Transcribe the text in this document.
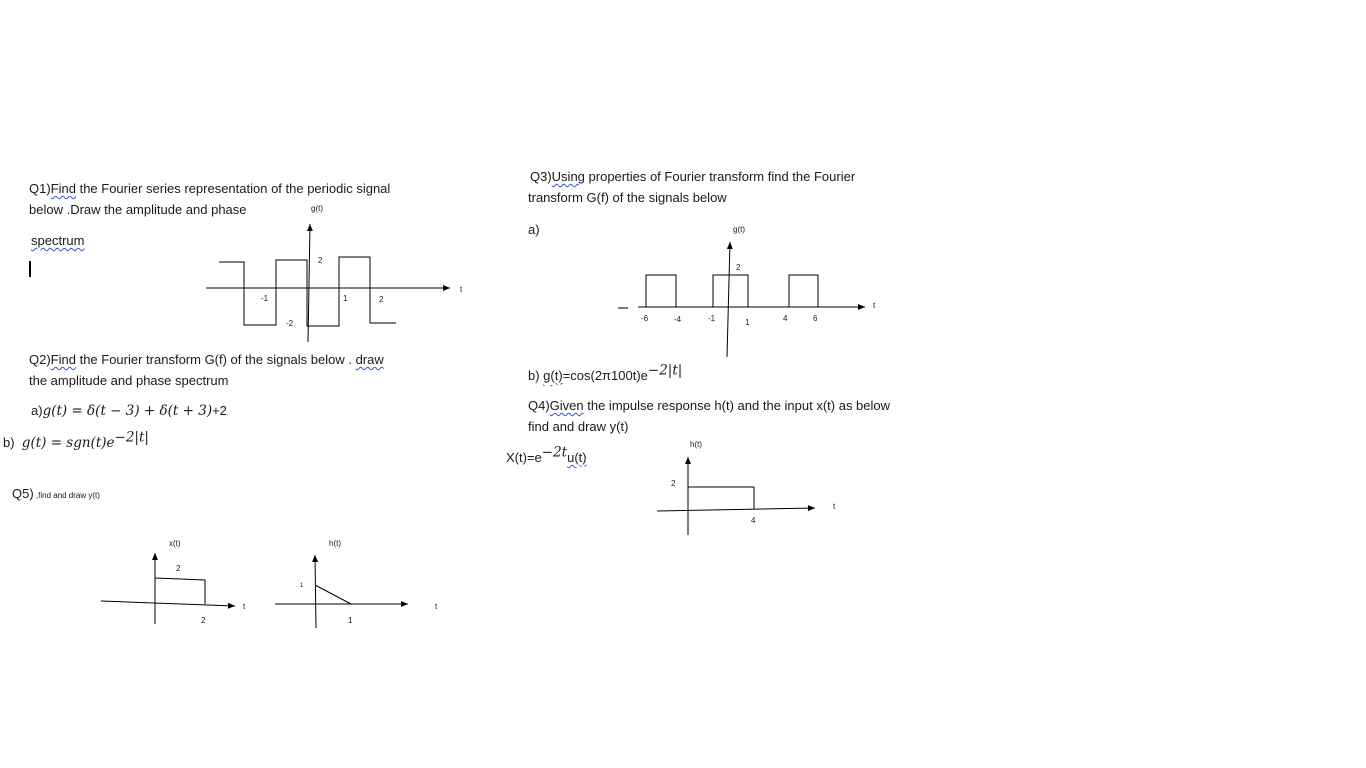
Q1)Find the Fourier series representation of the periodic signal
below .Draw the amplitude and phase
spectrum
g(t)
t
2
-1	1	2
-2
Q2)Find the Fourier transform G(f) of the signals below . draw
the amplitude and phase spectrum
a)g(t) = δ(t − 3) + δ(t + 3)+2
b) $g(t) = sgn(t)e^{-2|t|}$
Q3)Using properties of Fourier transform find the Fourier
transform G(f) of the signals below
a)	g(t)
t
2
-6	-4	-1	1	4	6
b) $g(t)=\cos(2\pi 100t)e^{-2|t|}$
Q4)Given the impulse response h(t) and the input x(t) as below
find and draw y(t)
$X(t)=e^{-2t}u(t)$
h(t)
t
2
4
Q5) ,find and draw y(t)
x(t)
t
2
2
h(t)
t
1
1
